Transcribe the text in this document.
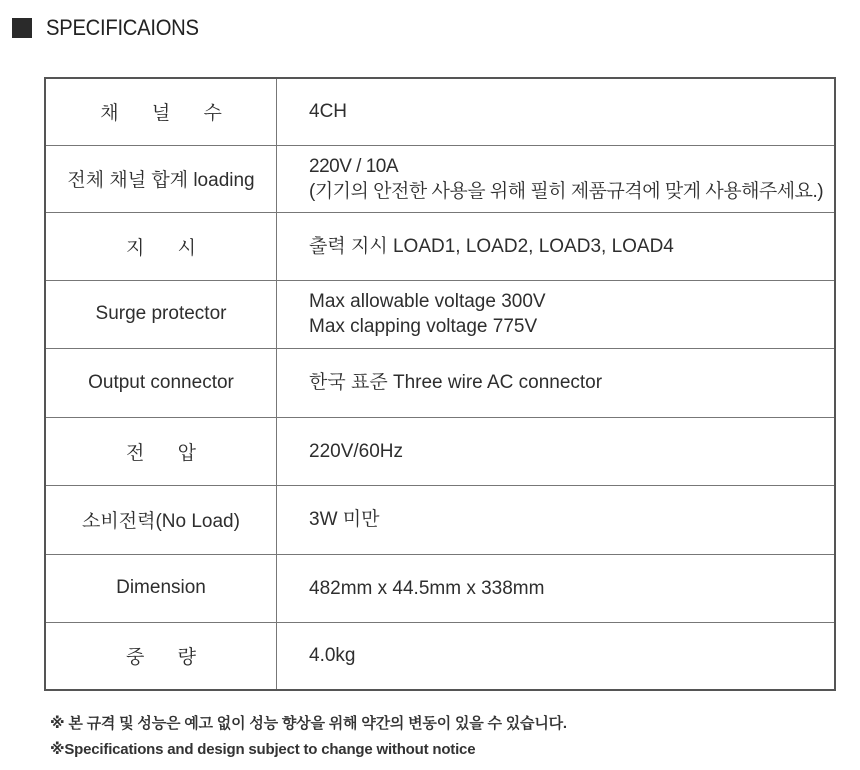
SPECIFICAIONS
채 널 수	4CH

전체 채널 합계 loading	220V / 10A
(기기의 안전한 사용을 위해 필히 제품규격에 맞게 사용해주세요.)

지 시	출력 지시 LOAD1, LOAD2, LOAD3, LOAD4

Surge protector	Max allowable voltage 300V
Max clapping voltage 775V

Output connector	한국 표준 Three wire AC connector

전 압	220V/60Hz

소비전력(No Load)	3W 미만

Dimension	482mm x 44.5mm x 338mm

중 량	4.0kg
※ 본 규격 및 성능은 예고 없이 성능 향상을 위해 약간의 변동이 있을 수 있습니다.
※Specifications and design subject to change without notice
